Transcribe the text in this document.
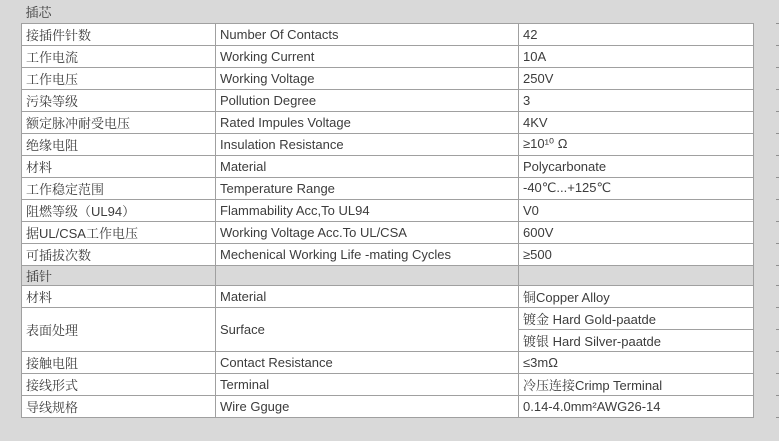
插芯		
接插件针数	Number Of Contacts	42
工作电流	Working Current	10A
工作电压	Working Voltage	250V
污染等级	Pollution Degree	3
额定脉冲耐受电压	Rated Impules Voltage	4KV
绝缘电阻	Insulation Resistance	≥10¹⁰ Ω
材料	Material	Polycarbonate
工作稳定范围	Temperature Range	-40℃...+125℃
阻燃等级（UL94）	Flammability Acc,To UL94	V0
据UL/CSA工作电压	Working Voltage Acc.To UL/CSA	600V
可插拔次数	Mechenical Working Life -mating Cycles	≥500
插针		
材料	Material	铜Copper Alloy
表面处理	Surface	镀金 Hard Gold-paatde
		镀银 Hard Silver-paatde
接触电阻	Contact Resistance	≤3mΩ
接线形式	Terminal	冷压连接Crimp Terminal
导线规格	Wire Gguge	0.14-4.0mm²AWG26-14
